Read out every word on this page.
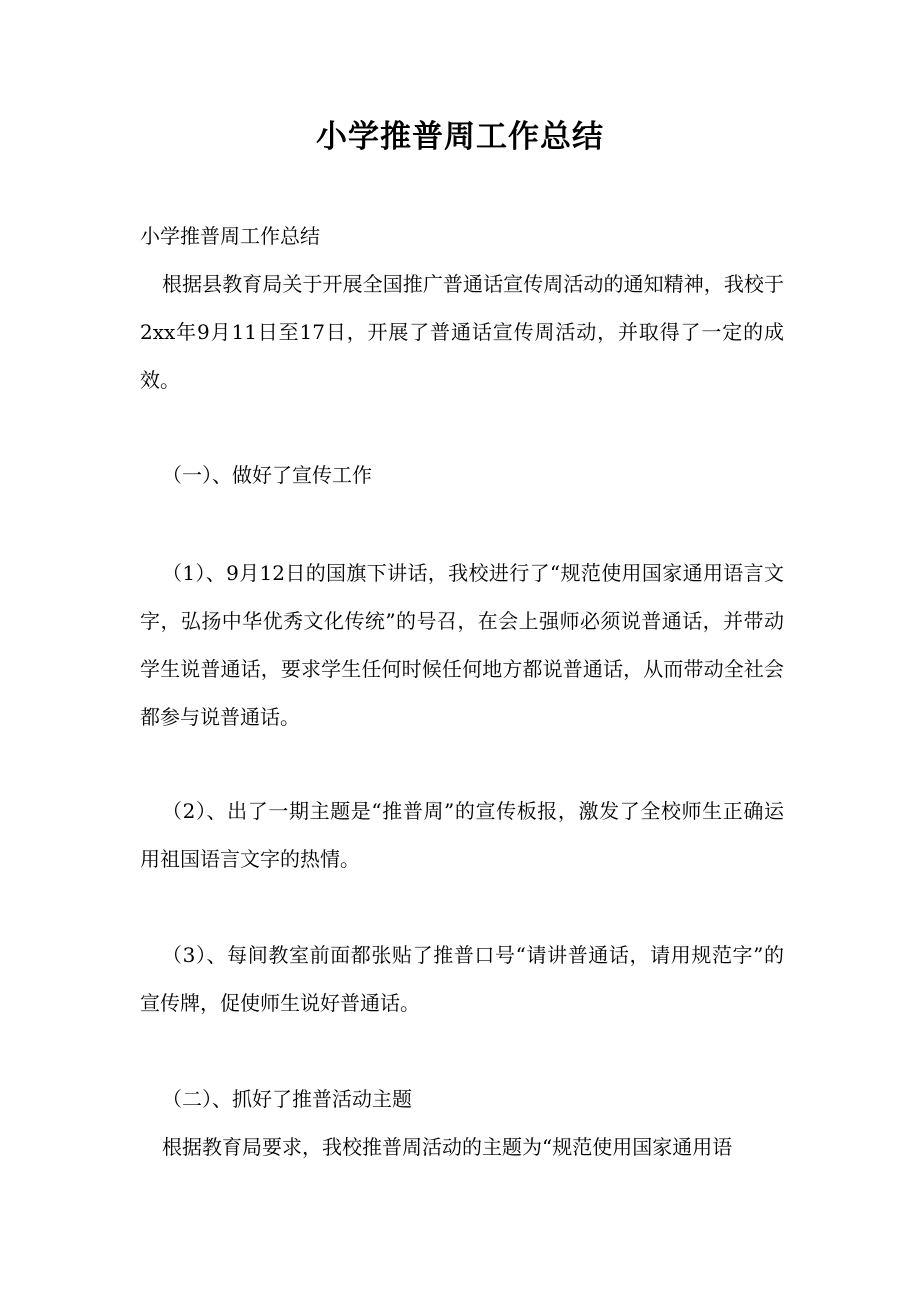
小学推普周工作总结

小学推普周工作总结

根据县教育局关于开展全国推广普通话宣传周活动的通知精神，我校于2xx年9月11日至17日，开展了普通话宣传周活动，并取得了一定的成效。

（一）、做好了宣传工作

（1）、9月12日的国旗下讲话，我校进行了“规范使用国家通用语言文字，弘扬中华优秀文化传统”的号召，在会上强师必须说普通话，并带动学生说普通话，要求学生任何时候任何地方都说普通话，从而带动全社会都参与说普通话。

（2）、出了一期主题是“推普周”的宣传板报，激发了全校师生正确运用祖国语言文字的热情。

（3）、每间教室前面都张贴了推普口号“请讲普通话，请用规范字”的宣传牌，促使师生说好普通话。

（二）、抓好了推普活动主题

根据教育局要求，我校推普周活动的主题为“规范使用国家通用语
